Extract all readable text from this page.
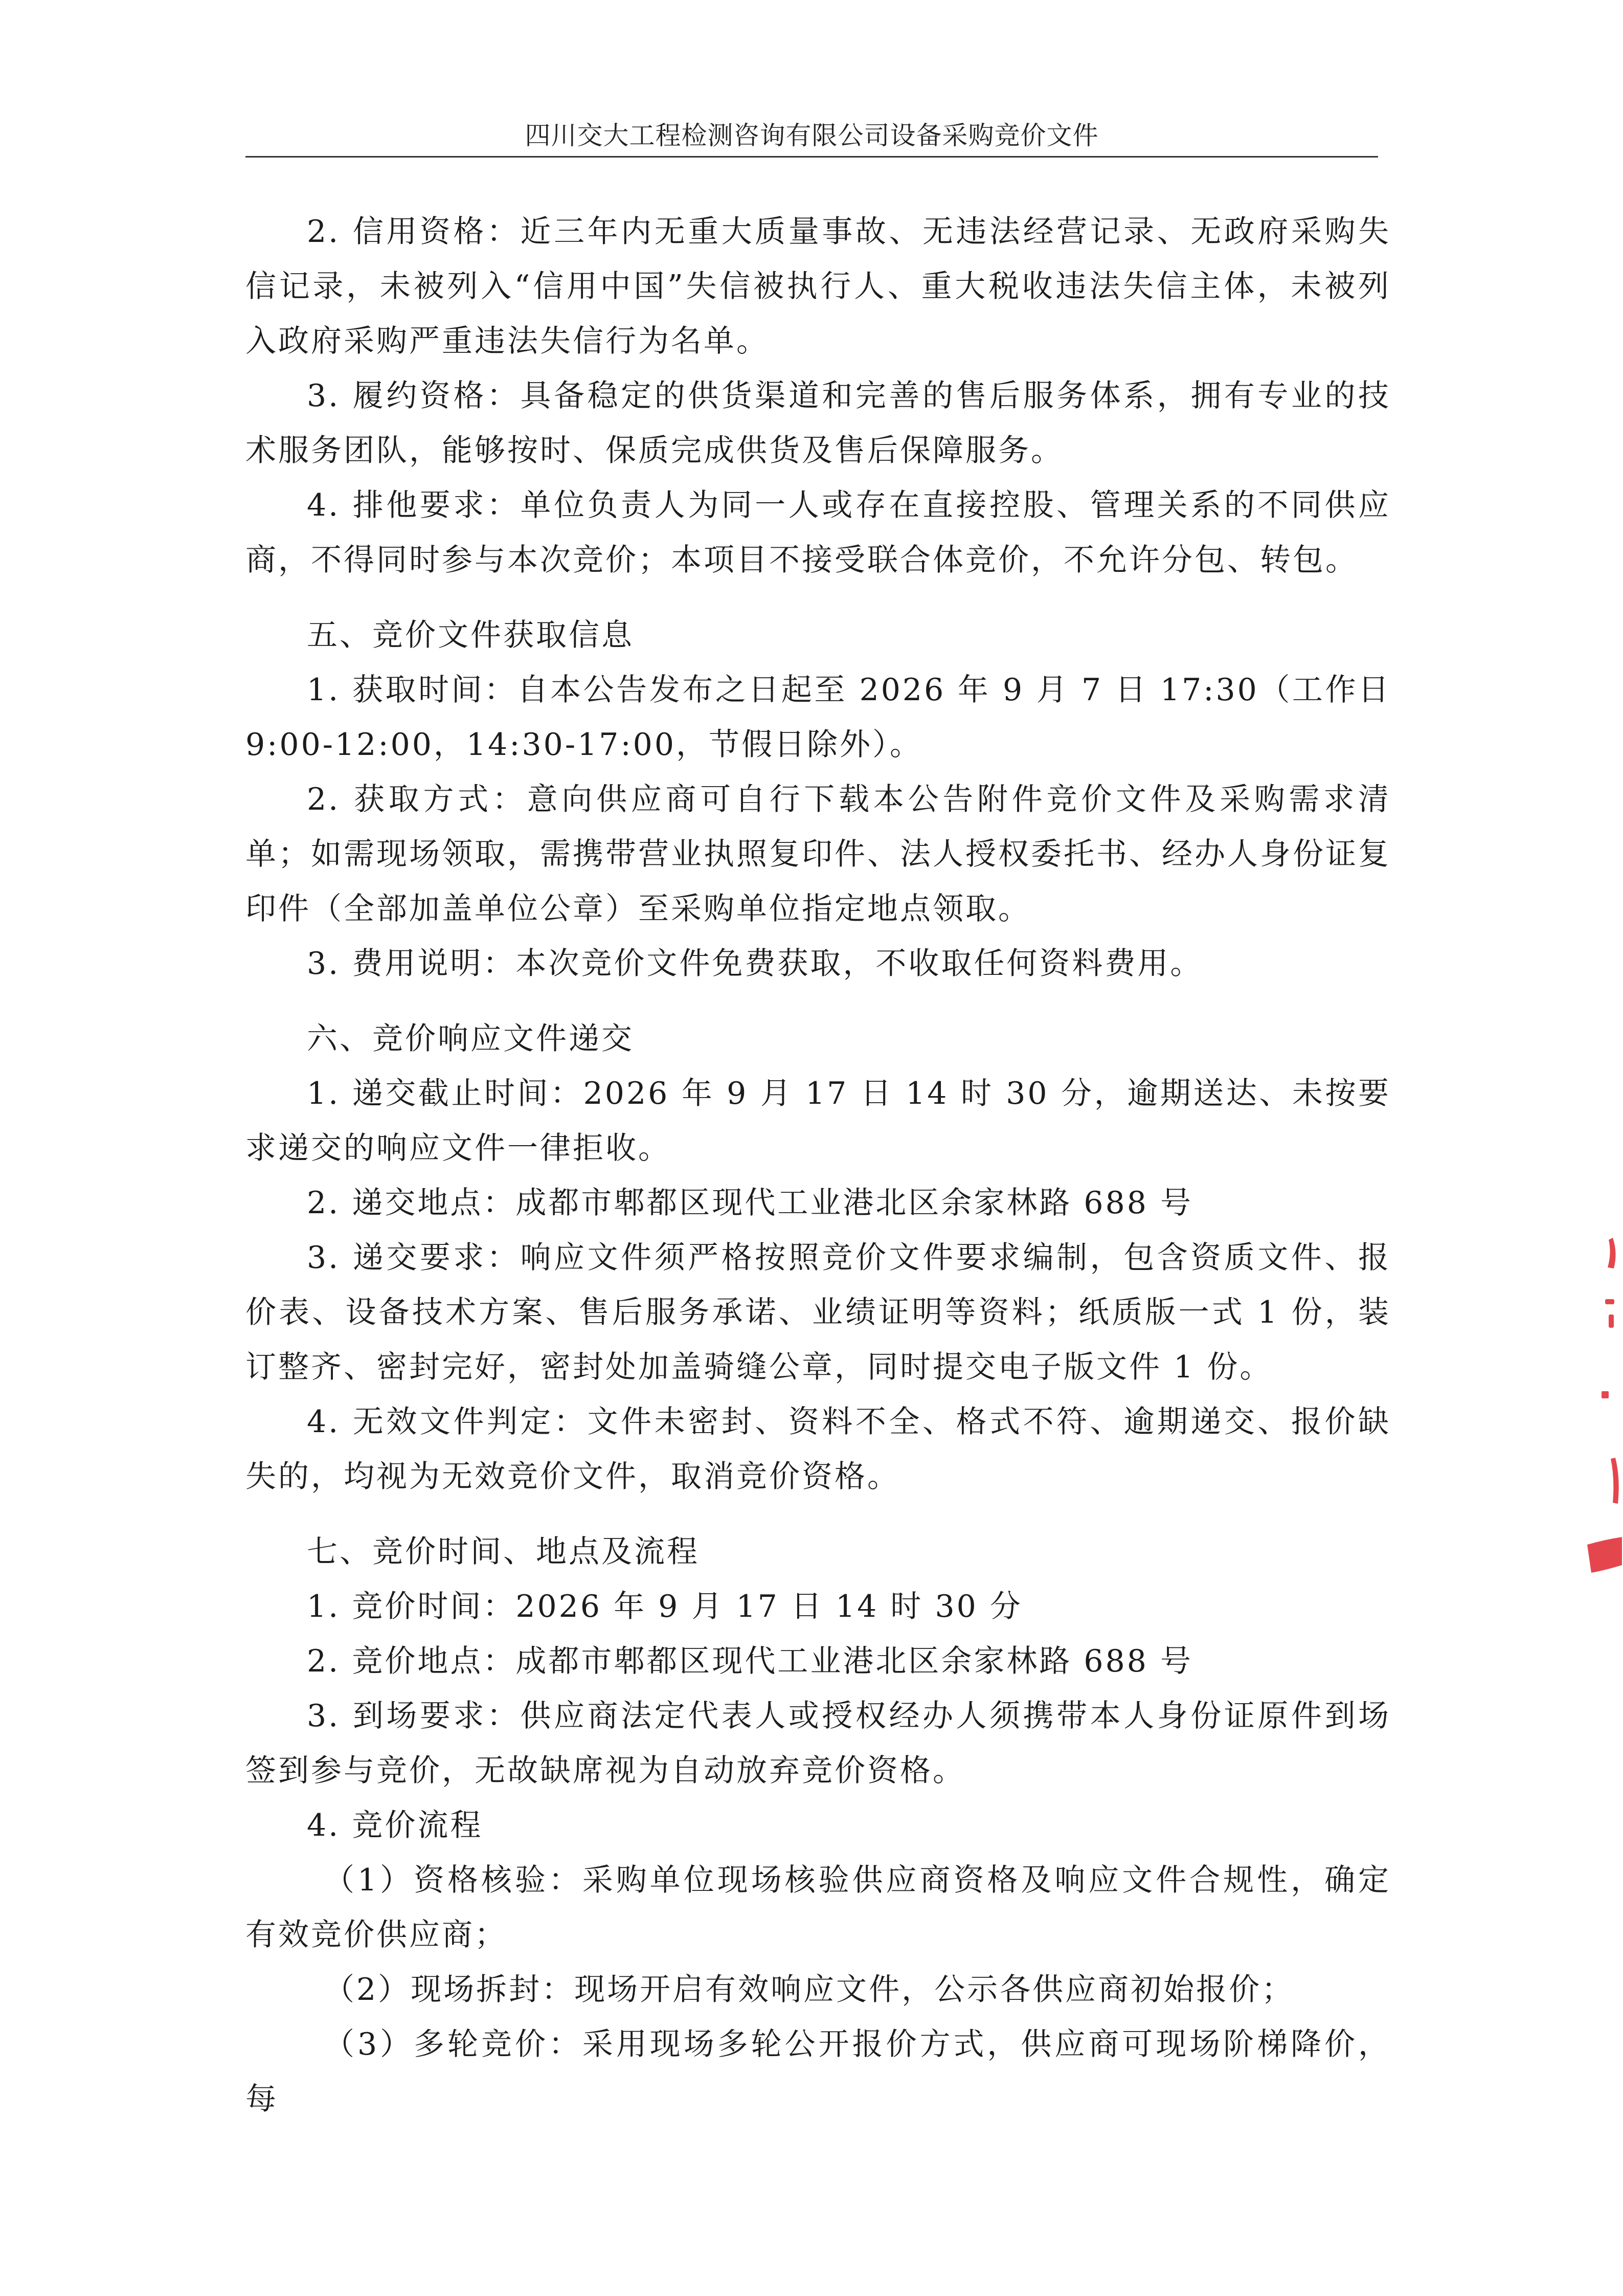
四川交大工程检测咨询有限公司设备采购竞价文件

2. 信用资格：近三年内无重大质量事故、无违法经营记录、无政府采购失信记录，未被列入“信用中国”失信被执行人、重大税收违法失信主体，未被列入政府采购严重违法失信行为名单。

3. 履约资格：具备稳定的供货渠道和完善的售后服务体系，拥有专业的技术服务团队，能够按时、保质完成供货及售后保障服务。

4. 排他要求：单位负责人为同一人或存在直接控股、管理关系的不同供应商，不得同时参与本次竞价；本项目不接受联合体竞价，不允许分包、转包。

五、竞价文件获取信息

1. 获取时间：自本公告发布之日起至 2026 年 9 月 7 日 17:30（工作日 9:00-12:00，14:30-17:00，节假日除外）。

2. 获取方式：意向供应商可自行下载本公告附件竞价文件及采购需求清单；如需现场领取，需携带营业执照复印件、法人授权委托书、经办人身份证复印件（全部加盖单位公章）至采购单位指定地点领取。

3. 费用说明：本次竞价文件免费获取，不收取任何资料费用。

六、竞价响应文件递交

1. 递交截止时间：2026 年 9 月 17 日 14 时 30 分，逾期送达、未按要求递交的响应文件一律拒收。

2. 递交地点：成都市郫都区现代工业港北区余家林路 688 号

3. 递交要求：响应文件须严格按照竞价文件要求编制，包含资质文件、报价表、设备技术方案、售后服务承诺、业绩证明等资料；纸质版一式 1 份，装订整齐、密封完好，密封处加盖骑缝公章，同时提交电子版文件 1 份。

4. 无效文件判定：文件未密封、资料不全、格式不符、逾期递交、报价缺失的，均视为无效竞价文件，取消竞价资格。

七、竞价时间、地点及流程

1. 竞价时间：2026 年 9 月 17 日 14 时 30 分

2. 竞价地点：成都市郫都区现代工业港北区余家林路 688 号

3. 到场要求：供应商法定代表人或授权经办人须携带本人身份证原件到场签到参与竞价，无故缺席视为自动放弃竞价资格。

4. 竞价流程

（1）资格核验：采购单位现场核验供应商资格及响应文件合规性，确定有效竞价供应商；

（2）现场拆封：现场开启有效响应文件，公示各供应商初始报价；

（3）多轮竞价：采用现场多轮公开报价方式，供应商可现场阶梯降价，每
